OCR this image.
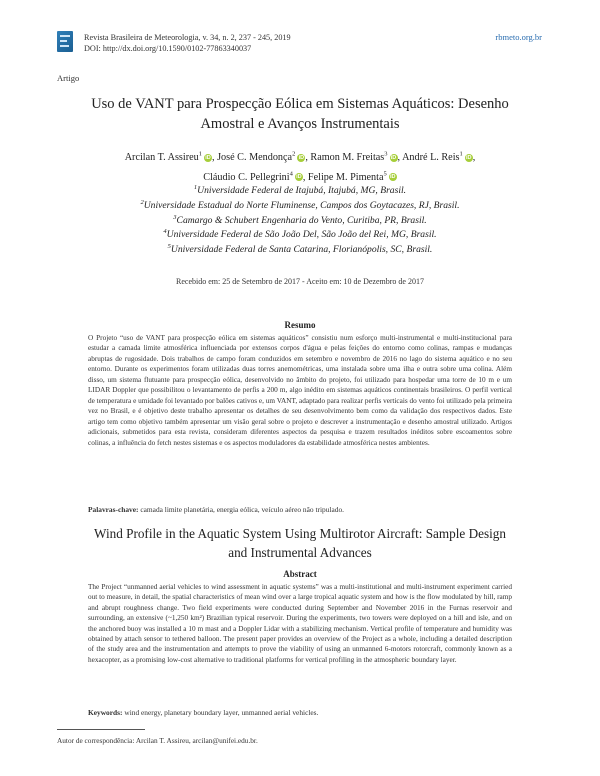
Revista Brasileira de Meteorologia, v. 34, n. 2, 237 - 245, 2019
DOI: http://dx.doi.org/10.1590/0102-77863340037
rbmeto.org.br
Artigo
Uso de VANT para Prospecção Eólica em Sistemas Aquáticos: Desenho Amostral e Avanços Instrumentais
Arcilan T. Assireu$^1$iD, José C. Mendonça$^2$iD, Ramon M. Freitas$^3$iD, André L. Reis$^1$iD,
Cláudio C. Pellegrini$^4$iD, Felipe M. Pimenta$^5$iD
$^1$Universidade Federal de Itajubá, Itajubá, MG, Brasil.
$^2$Universidade Estadual do Norte Fluminense, Campos dos Goytacazes, RJ, Brasil.
$^3$Camargo & Schubert Engenharia do Vento, Curitiba, PR, Brasil.
$^4$Universidade Federal de São João Del, São João del Rei, MG, Brasil.
$^5$Universidade Federal de Santa Catarina, Florianópolis, SC, Brasil.
Recebido em: 25 de Setembro de 2017 - Aceito em: 10 de Dezembro de 2017
Resumo
O Projeto “uso de VANT para prospecção eólica em sistemas aquáticos” consistiu num esforço multi-instrumental e multi-institucional para estudar a camada limite atmosférica influenciada por extensos corpos d'água e pelas feições do entorno como colinas, rampas e mudanças abruptas de rugosidade. Dois trabalhos de campo foram conduzidos em setembro e novembro de 2016 no lago do sistema aquático e no seu entorno. Durante os experimentos foram utilizadas duas torres anemométricas, uma instalada sobre uma ilha e outra sobre uma colina. Além disso, um sistema flutuante para prospecção eólica, desenvolvido no âmbito do projeto, foi utilizado para hospedar uma torre de 10 m e um LIDAR Doppler que possibilitou o levantamento de perfis a 200 m, algo inédito em sistemas aquáticos continentais brasileiros. O perfil vertical de temperatura e umidade foi levantado por balões cativos e, um VANT, adaptado para realizar perfis verticais do vento foi utilizado pela primeira vez no Brasil, e é objetivo deste trabalho apresentar os detalhes de seu desenvolvimento bem como da validação dos respectivos dados. Este artigo tem como objetivo também apresentar um visão geral sobre o projeto e descrever a instrumentação e desenho amostral utilizado. Artigos adicionais, submetidos para esta revista, consideram diferentes aspectos da pesquisa e trazem resultados inéditos sobre escoamentos sobre colinas, a influência do fetch nestes sistemas e os aspectos moduladores da estabilidade atmosférica nestes ambientes.
Palavras-chave: camada limite planetária, energia eólica, veículo aéreo não tripulado.
Wind Profile in the Aquatic System Using Multirotor Aircraft: Sample Design and Instrumental Advances
Abstract
The Project “unmanned aerial vehicles to wind assessment in aquatic systems” was a multi-institutional and multi-instrument experiment carried out to measure, in detail, the spatial characteristics of mean wind over a large tropical aquatic system and how is the flow modulated by hill, ramp and abrupt roughness change. Two field experiments were conducted during September and November 2016 in the Furnas reservoir and surrounding, an extensive (~1,250 km²) Brazilian typical reservoir. During the experiments, two towers were deployed on a hill and isle, and on the anchored buoy was installed a 10 m mast and a Doppler Lidar with a stabilizing mechanism. Vertical profile of temperature and humidity was obtained by attach sensor to tethered balloon. The present paper provides an overview of the Project as a whole, including a detailed description of the study area and the instrumentation and attempts to prove the viability of using an unmanned 6-motors rotorcraft, commonly known as a hexacopter, as a promising low-cost alternative to traditional platforms for vertical profiling in the atmospheric boundary layer.
Keywords: wind energy, planetary boundary layer, unmanned aerial vehicles.
Autor de correspondência: Arcilan T. Assireu, arcilan@unifei.edu.br.
